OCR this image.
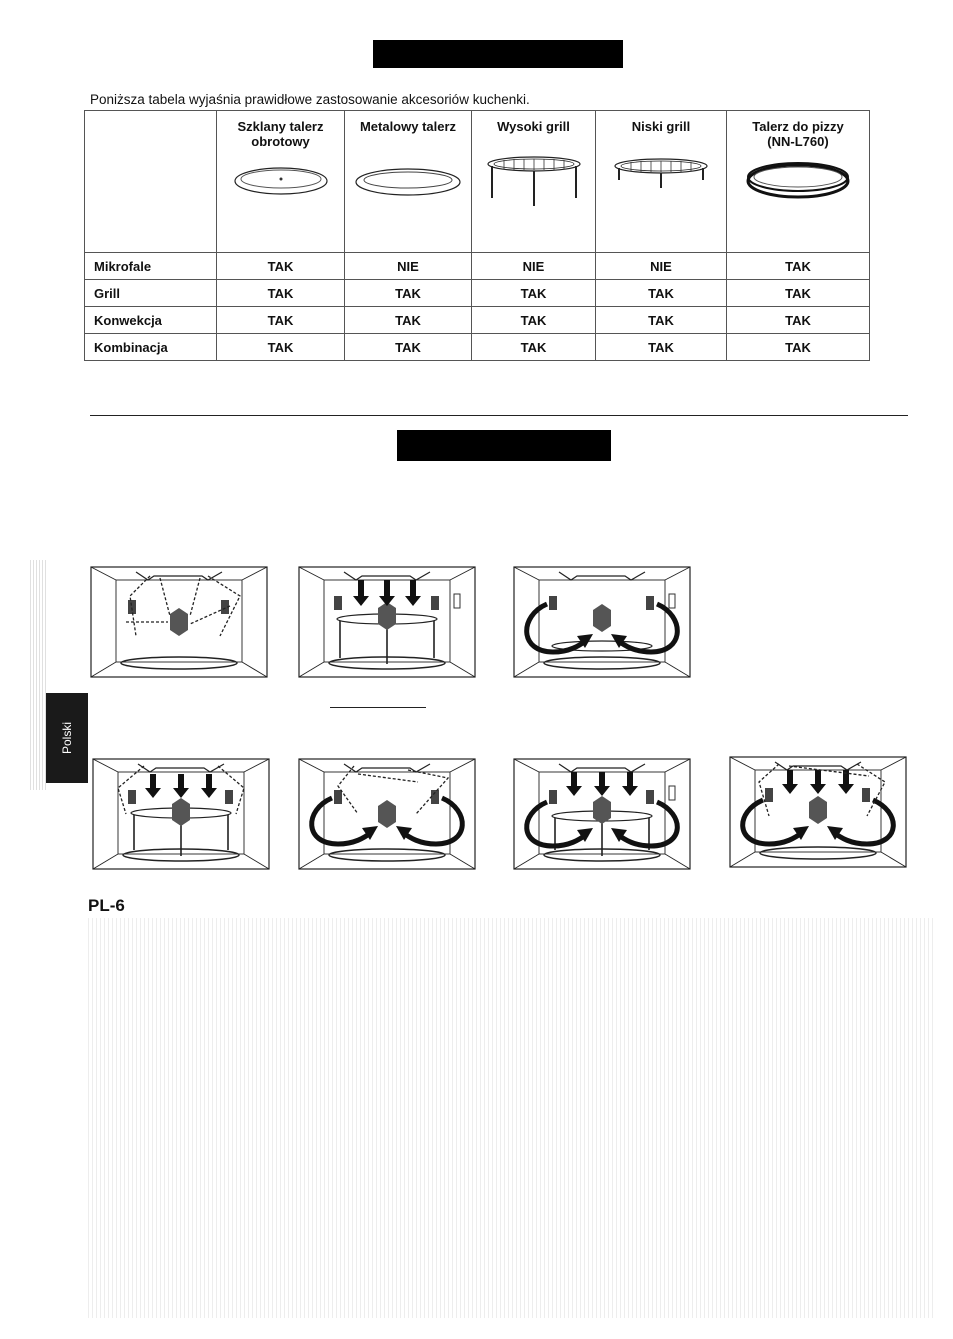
Poniższa tabela wyjaśnia prawidłowe zastosowanie akcesoriów kuchenki.
	Szklany talerz obrotowy	Metalowy talerz	Wysoki grill	Niski grill	Talerz do pizzy (NN-L760)

Mikrofale	TAK	NIE	NIE	NIE	TAK
Grill	TAK	TAK	TAK	TAK	TAK
Konwekcja	TAK	TAK	TAK	TAK	TAK
Kombinacja	TAK	TAK	TAK	TAK	TAK
Polski
PL-6
